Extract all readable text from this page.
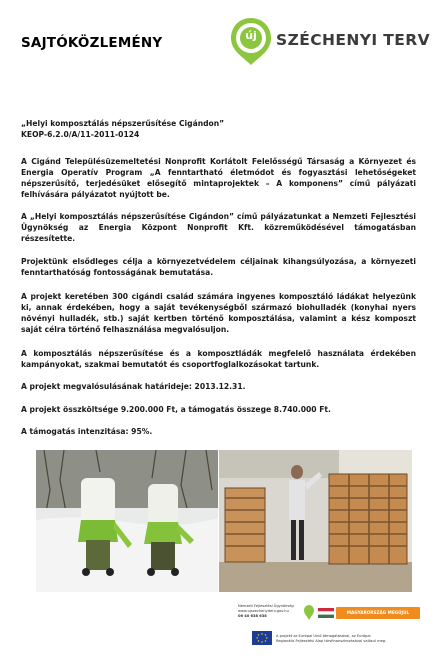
SAJTÓKÖZLEMÉNY	új	SZÉCHENYI TERV

„Helyi komposztálás népszerűsítése Cigándon”

KEOP-6.2.0/A/11-2011-0124

A Cigánd Településüzemeltetési Nonprofit Korlátolt Felelősségű Társaság a Környezet és Energia Operatív Program „A fenntartható életmódot és fogyasztási lehetőségeket népszerűsítő, terjedésüket elősegítő mintaprojektek – A komponens” című pályázati felhívására pályázatot nyújtott be.

A „Helyi komposztálás népszerűsítése Cigándon” című pályázatunkat a Nemzeti Fejlesztési Ügynökség az Energia Központ Nonprofit Kft. közreműködésével támogatásban részesítette.

Projektünk elsődleges célja a környezetvédelem céljainak kihangsúlyozása, a környezeti fenntarthatóság fontosságának bemutatása.

A projekt keretében 300 cigándi család számára ingyenes komposztáló ládákat helyezünk ki, annak érdekében, hogy a saját tevékenységből származó biohulladék (konyhai nyers növényi hulladék, stb.) saját kertben történő komposztálása, valamint a kész komposzt saját célra történő felhasználása megvalósuljon.

A komposztálás népszerűsítése és a komposztládák megfelelő használata érdekében kampányokat, szakmai bemutatót és csoportfoglalkozásokat tartunk.

A projekt megvalósulásának határideje: 2013.12.31.

A projekt összköltsége 9.200.000 Ft, a támogatás összege 8.740.000 Ft.

A támogatás intenzitása: 95%.

Nemzeti Fejlesztési Ügynökség
www.ujszechenyiterv.gov.hu
06 40 638 638
MAGYARORSZÁG MEGÚJUL
A projekt az Európai Unió támogatásával, az Európai
Regionális Fejlesztési Alap társfinanszírozásával valósul meg.
